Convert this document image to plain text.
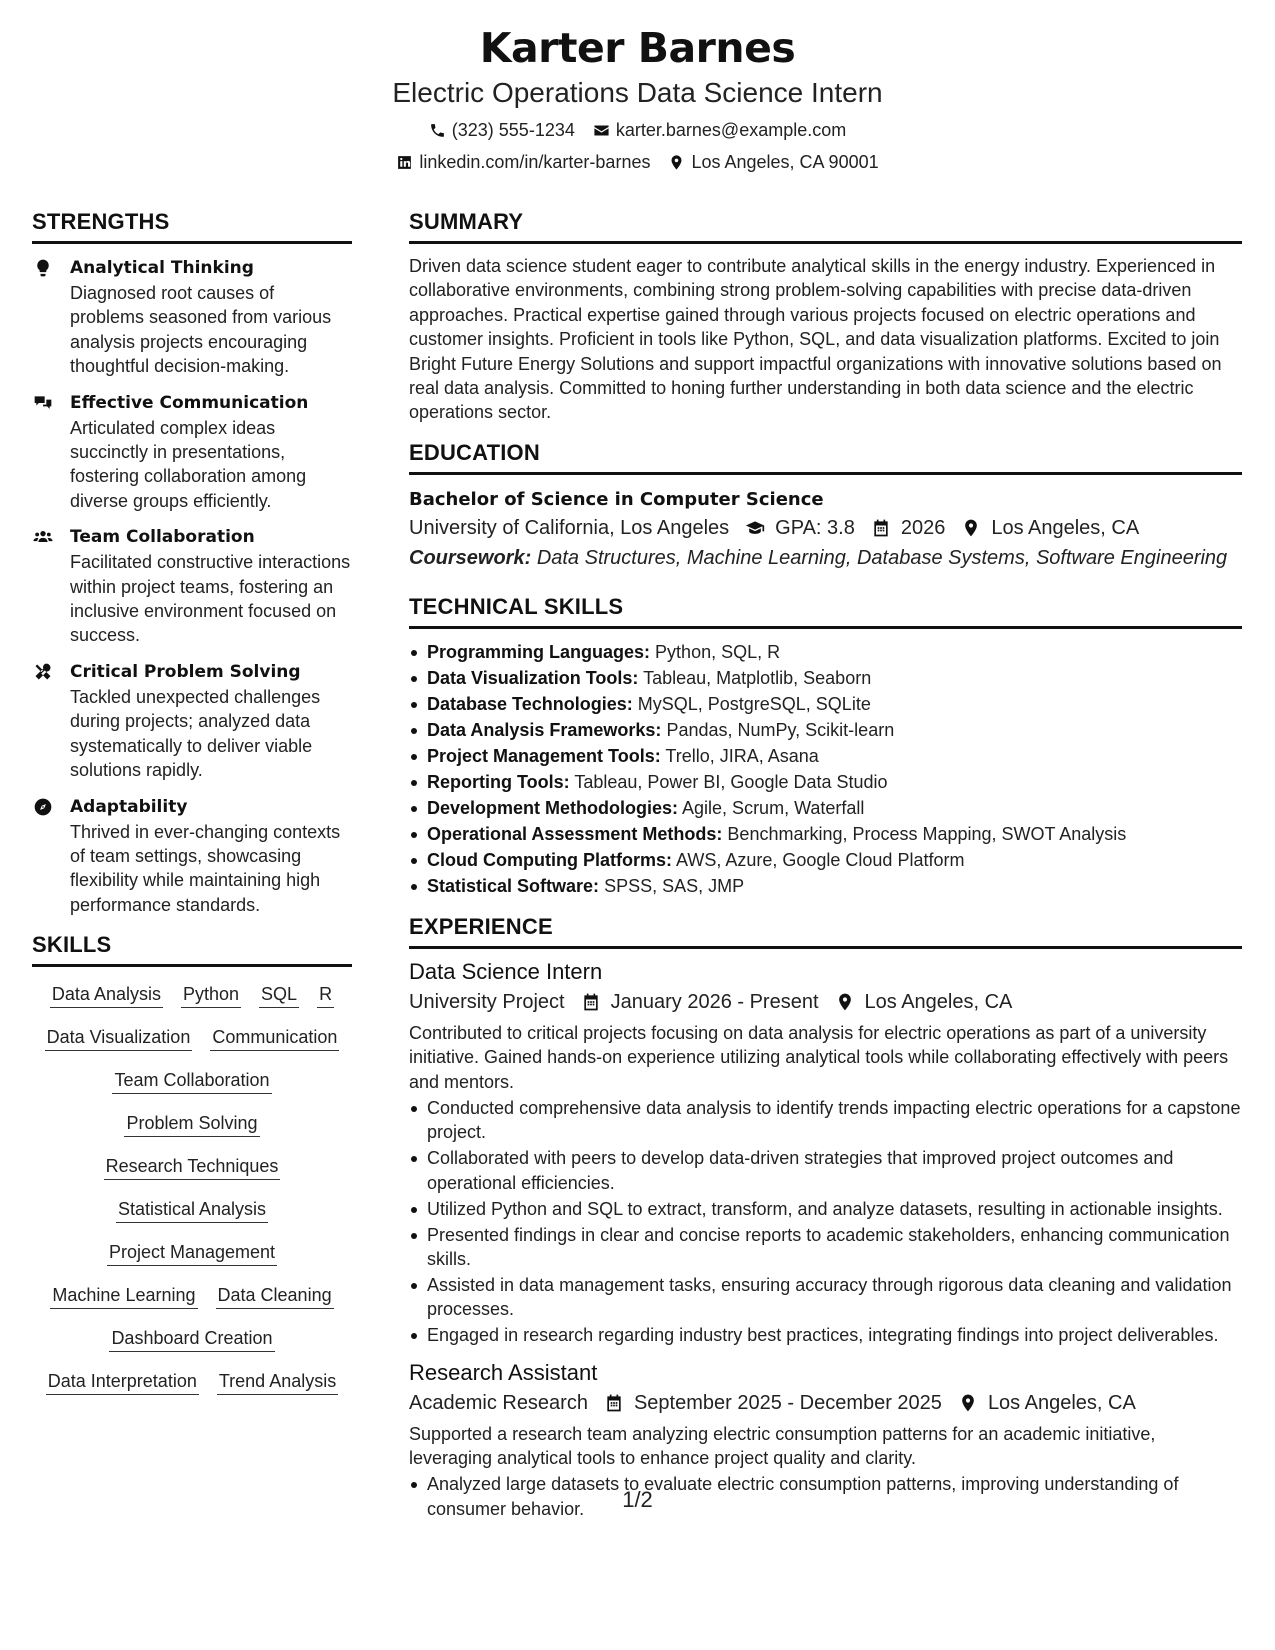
Karter Barnes
Electric Operations Data Science Intern
(323) 555-1234 karter.barnes@example.com
linkedin.com/in/karter-barnes Los Angeles, CA 90001
STRENGTHS
Analytical Thinking
Diagnosed root causes of problems seasoned from various analysis projects encouraging thoughtful decision-making.
Effective Communication
Articulated complex ideas succinctly in presentations, fostering collaboration among diverse groups efficiently.
Team Collaboration
Facilitated constructive interactions within project teams, fostering an inclusive environment focused on success.
Critical Problem Solving
Tackled unexpected challenges during projects; analyzed data systematically to deliver viable solutions rapidly.
Adaptability
Thrived in ever-changing contexts of team settings, showcasing flexibility while maintaining high performance standards.
SKILLS
Data Analysis Python SQL R
Data Visualization Communication
Team Collaboration
Problem Solving
Research Techniques
Statistical Analysis
Project Management
Machine Learning Data Cleaning
Dashboard Creation
Data Interpretation Trend Analysis
SUMMARY
Driven data science student eager to contribute analytical skills in the energy industry. Experienced in collaborative environments, combining strong problem-solving capabilities with precise data-driven approaches. Practical expertise gained through various projects focused on electric operations and customer insights. Proficient in tools like Python, SQL, and data visualization platforms. Excited to join Bright Future Energy Solutions and support impactful organizations with innovative solutions based on real data analysis. Committed to honing further understanding in both data science and the electric operations sector.
EDUCATION
Bachelor of Science in Computer Science
University of California, Los Angeles GPA: 3.8 2026 Los Angeles, CA
Coursework: Data Structures, Machine Learning, Database Systems, Software Engineering
TECHNICAL SKILLS
Programming Languages: Python, SQL, R
Data Visualization Tools: Tableau, Matplotlib, Seaborn
Database Technologies: MySQL, PostgreSQL, SQLite
Data Analysis Frameworks: Pandas, NumPy, Scikit-learn
Project Management Tools: Trello, JIRA, Asana
Reporting Tools: Tableau, Power BI, Google Data Studio
Development Methodologies: Agile, Scrum, Waterfall
Operational Assessment Methods: Benchmarking, Process Mapping, SWOT Analysis
Cloud Computing Platforms: AWS, Azure, Google Cloud Platform
Statistical Software: SPSS, SAS, JMP
EXPERIENCE
Data Science Intern
University Project January 2026 - Present Los Angeles, CA
Contributed to critical projects focusing on data analysis for electric operations as part of a university initiative. Gained hands-on experience utilizing analytical tools while collaborating effectively with peers and mentors.
Conducted comprehensive data analysis to identify trends impacting electric operations for a capstone project.
Collaborated with peers to develop data-driven strategies that improved project outcomes and operational efficiencies.
Utilized Python and SQL to extract, transform, and analyze datasets, resulting in actionable insights.
Presented findings in clear and concise reports to academic stakeholders, enhancing communication skills.
Assisted in data management tasks, ensuring accuracy through rigorous data cleaning and validation processes.
Engaged in research regarding industry best practices, integrating findings into project deliverables.
Research Assistant
Academic Research September 2025 - December 2025 Los Angeles, CA
Supported a research team analyzing electric consumption patterns for an academic initiative, leveraging analytical tools to enhance project quality and clarity.
Analyzed large datasets to evaluate electric consumption patterns, improving understanding of consumer behavior.	1/2
